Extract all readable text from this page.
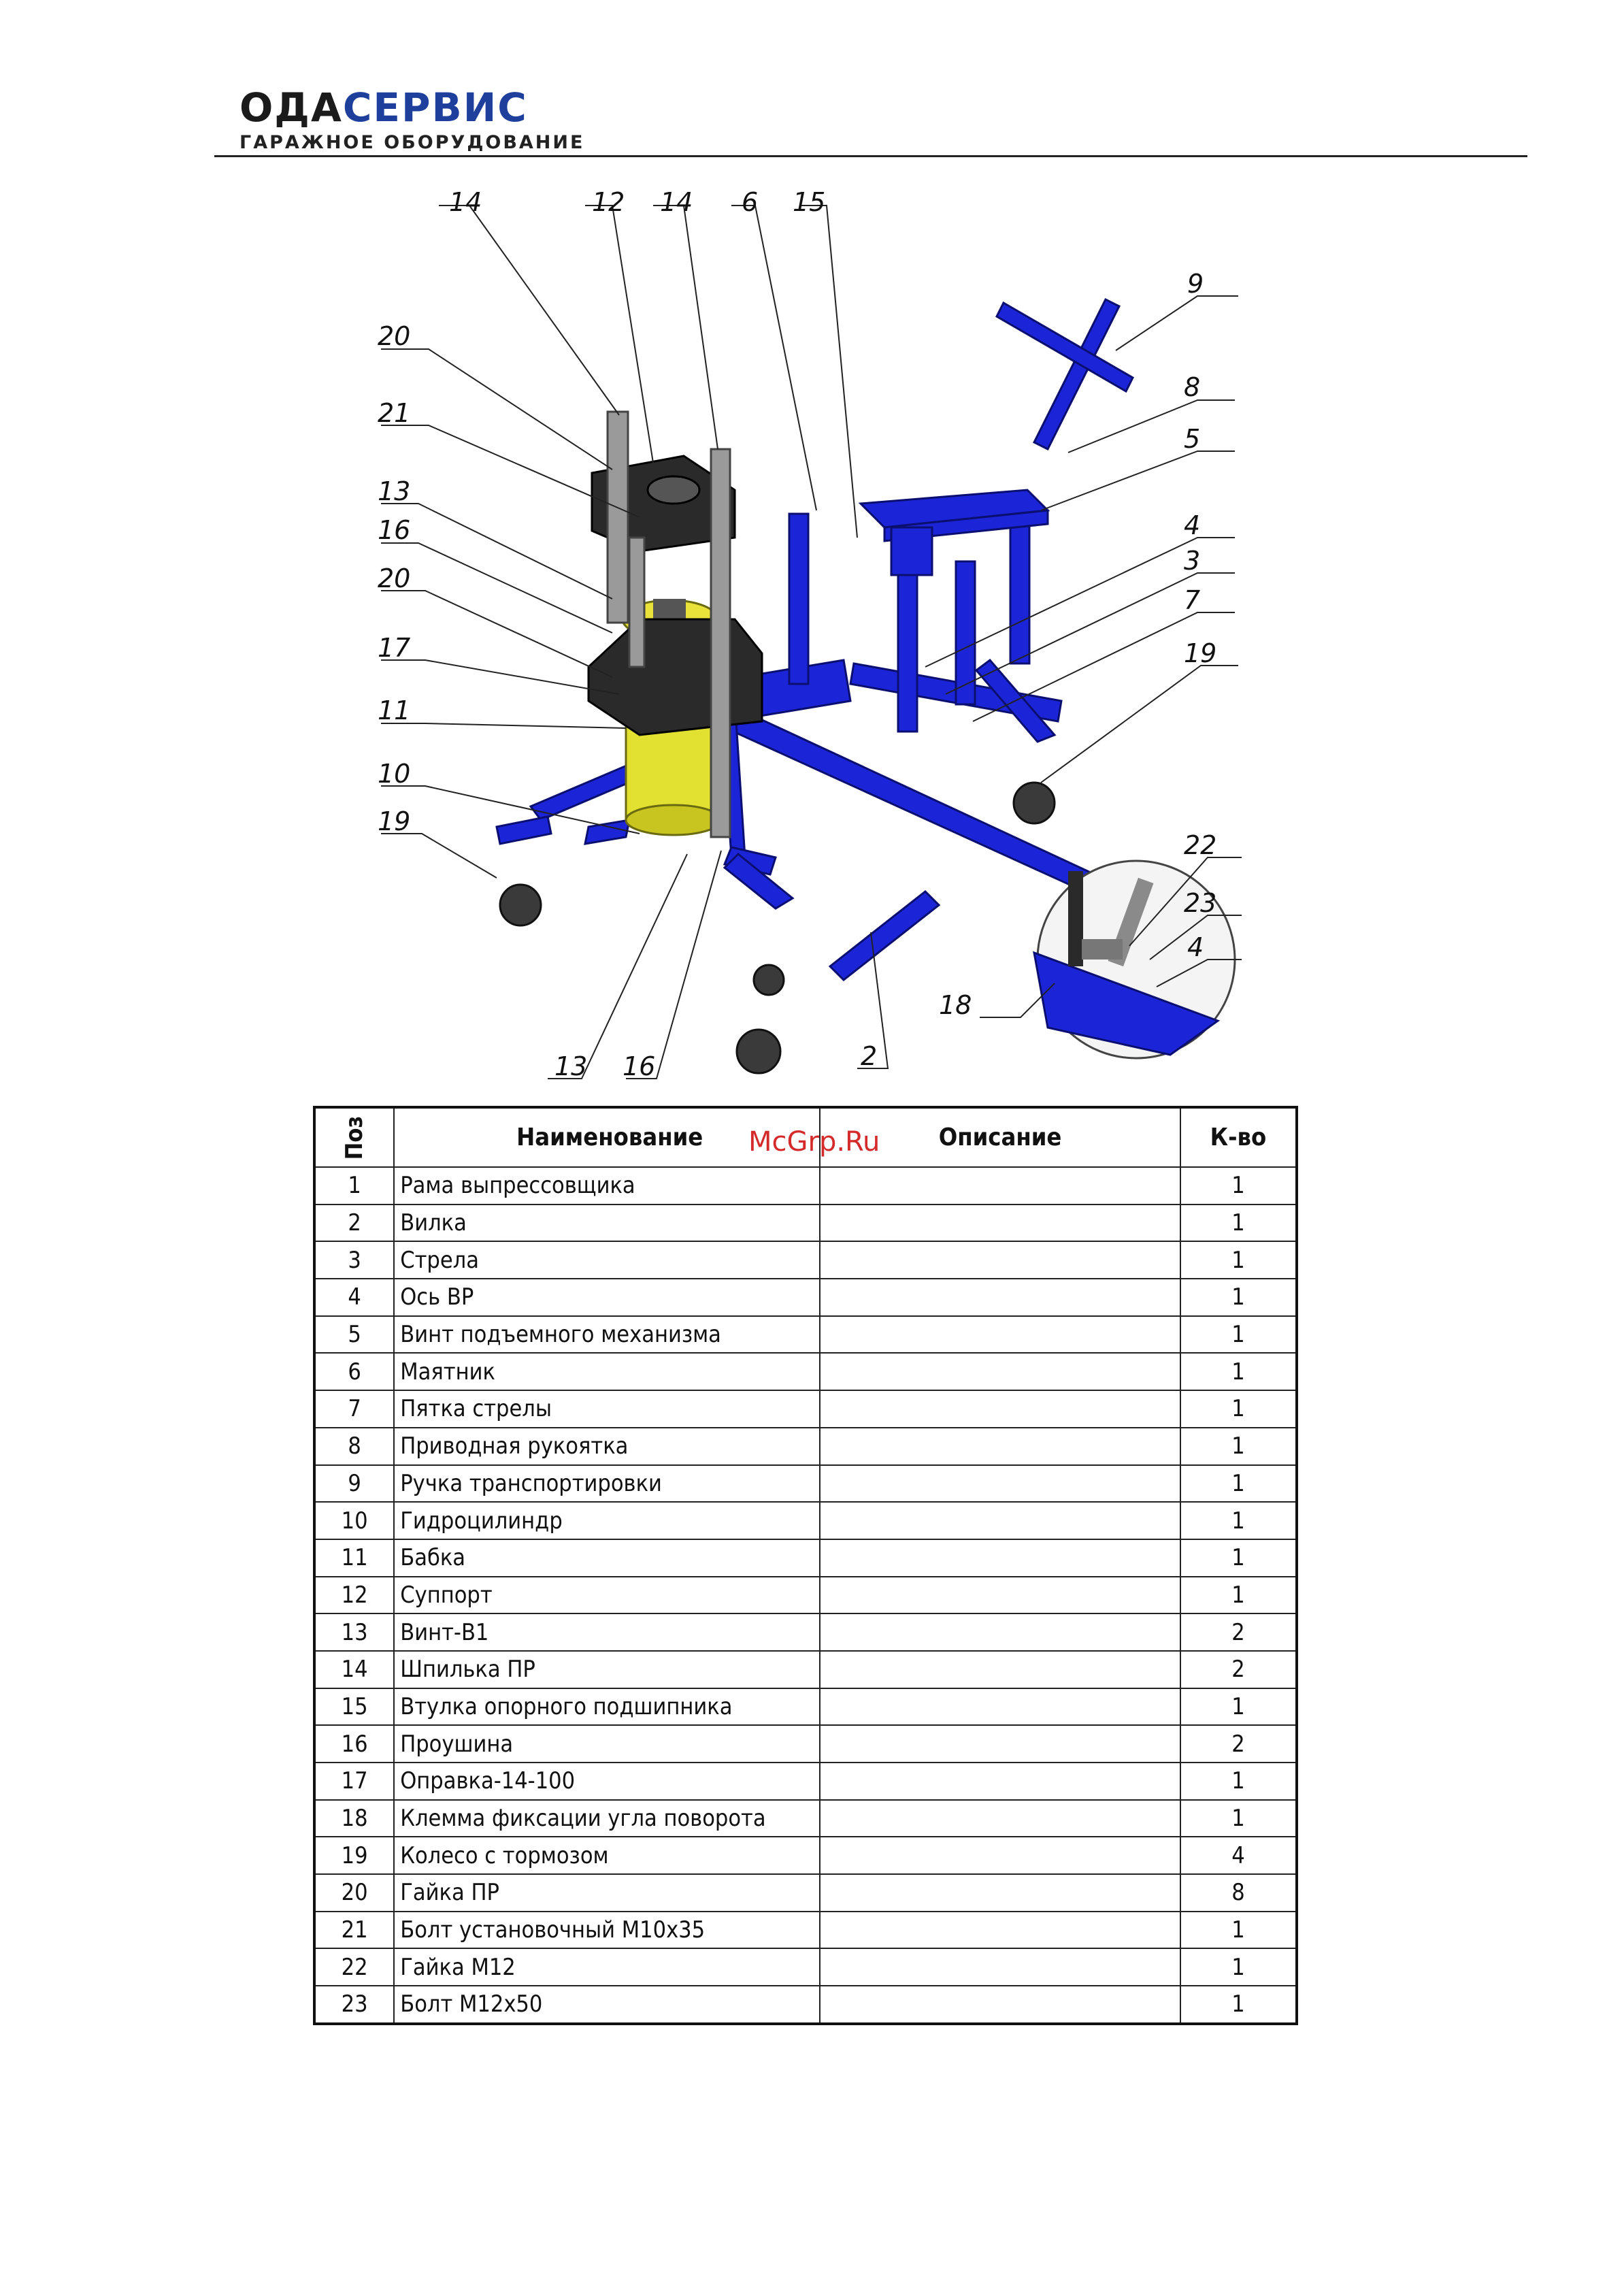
ОДАСЕРВИС
ГАРАЖНОЕ ОБОРУДОВАНИЕ
14	12 14 6 15
9
8
5
20
21
13
16
20
17
11
10
19
4
3
7
19
22
23
4
18
13 16	2
Поз	Наименование	Описание	К-во
1	Рама выпрессовщика		1
2	Вилка		1
3	Стрела		1
4	Ось ВР		1
5	Винт подъемного механизма		1
6	Маятник		1
7	Пятка стрелы		1
8	Приводная рукоятка		1
9	Ручка транспортировки		1
10	Гидроцилиндр		1
11	Бабка		1
12	Суппорт		1
13	Винт-В1		2
14	Шпилька ПР		2
15	Втулка опорного подшипника		1
16	Проушина		2
17	Оправка-14-100		1
18	Клемма фиксации угла поворота		1
19	Колесо с тормозом		4
20	Гайка ПР		8
21	Болт установочный М10х35		1
22	Гайка М12		1
23	Болт М12х50		1
McGrp.Ru
